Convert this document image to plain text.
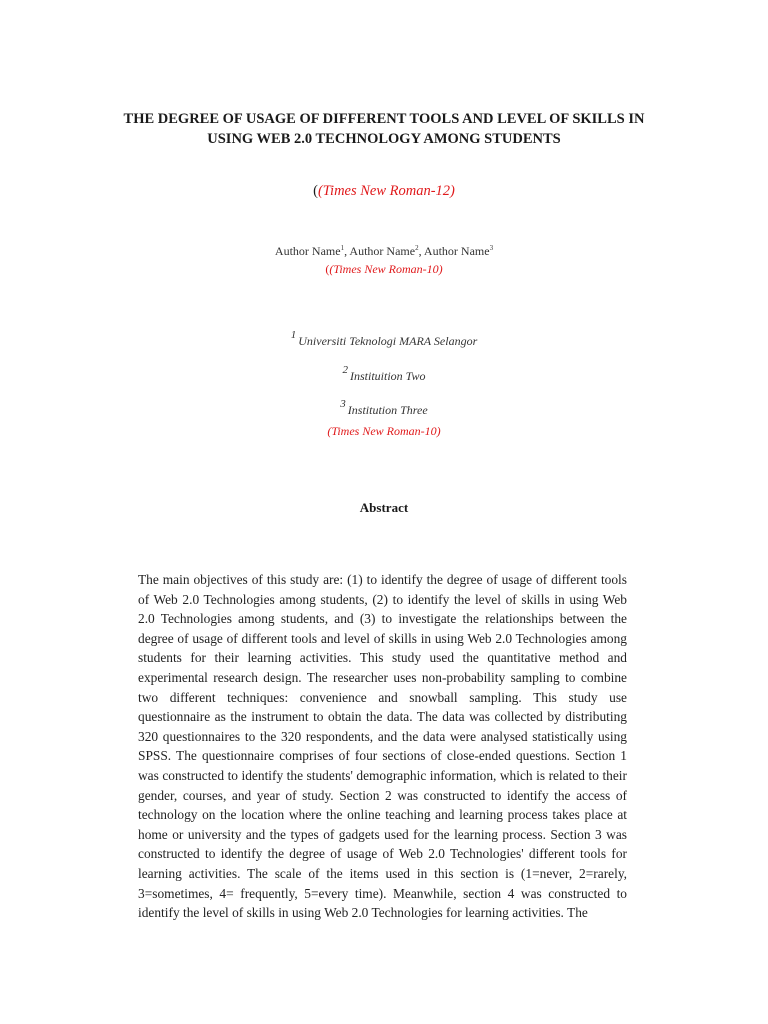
THE DEGREE OF USAGE OF DIFFERENT TOOLS AND LEVEL OF SKILLS IN USING WEB 2.0 TECHNOLOGY AMONG STUDENTS
((Times New Roman-12)
Author Name$^1$, Author Name$^2$, Author Name$^3$
((Times New Roman-10)
1 Universiti Teknologi MARA Selangor
2 Instituition Two
3 Institution Three
(Times New Roman-10)
Abstract
The main objectives of this study are: (1) to identify the degree of usage of different tools of Web 2.0 Technologies among students, (2) to identify the level of skills in using Web 2.0 Technologies among students, and (3) to investigate the relationships between the degree of usage of different tools and level of skills in using Web 2.0 Technologies among students for their learning activities. This study used the quantitative method and experimental research design. The researcher uses non-probability sampling to combine two different techniques: convenience and snowball sampling. This study use questionnaire as the instrument to obtain the data. The data was collected by distributing 320 questionnaires to the 320 respondents, and the data were analysed statistically using SPSS. The questionnaire comprises of four sections of close-ended questions. Section 1 was constructed to identify the students' demographic information, which is related to their gender, courses, and year of study. Section 2 was constructed to identify the access of technology on the location where the online teaching and learning process takes place at home or university and the types of gadgets used for the learning process. Section 3 was constructed to identify the degree of usage of Web 2.0 Technologies' different tools for learning activities. The scale of the items used in this section is (1=never, 2=rarely, 3=sometimes, 4= frequently, 5=every time). Meanwhile, section 4 was constructed to identify the level of skills in using Web 2.0 Technologies for learning activities. The
